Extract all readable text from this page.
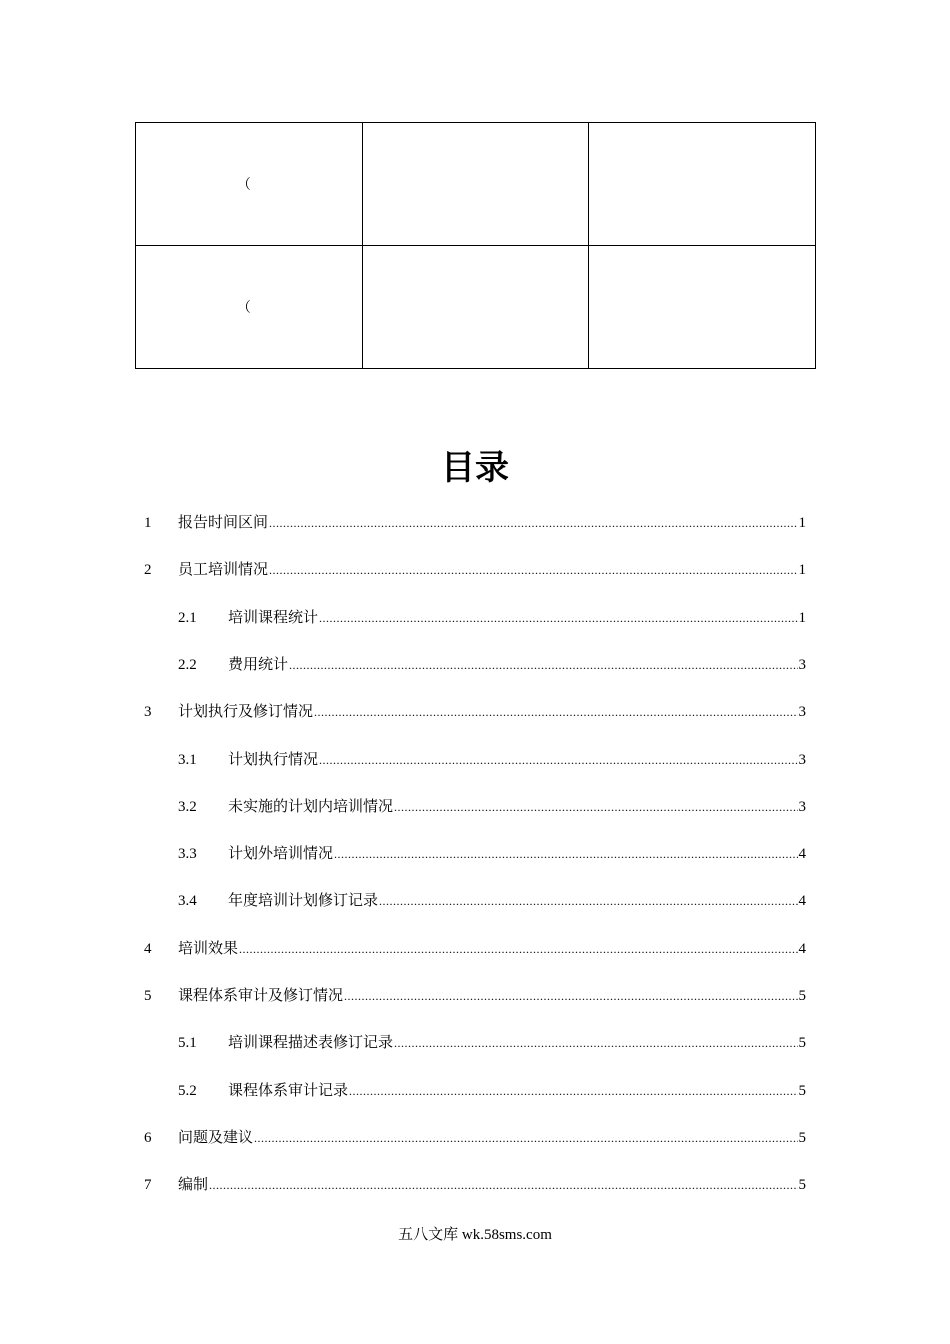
（		
（		
目录
1	报告时间区间 .....	1
2	员工培训情况 .....	1
2.1	培训课程统计 .....	1
2.2	费用统计 .....	3
3	计划执行及修订情况 .....	3
3.1	计划执行情况 .....	3
3.2	未实施的计划内培训情况 .....	3
3.3	计划外培训情况 .....	4
3.4	年度培训计划修订记录 .....	4
4	培训效果 .....	4
5	课程体系审计及修订情况 .....	5
5.1	培训课程描述表修订记录 .....	5
5.2	课程体系审计记录 .....	5
6	问题及建议 .....	5
7	编制 .....	5
五八文库 wk.58sms.com
